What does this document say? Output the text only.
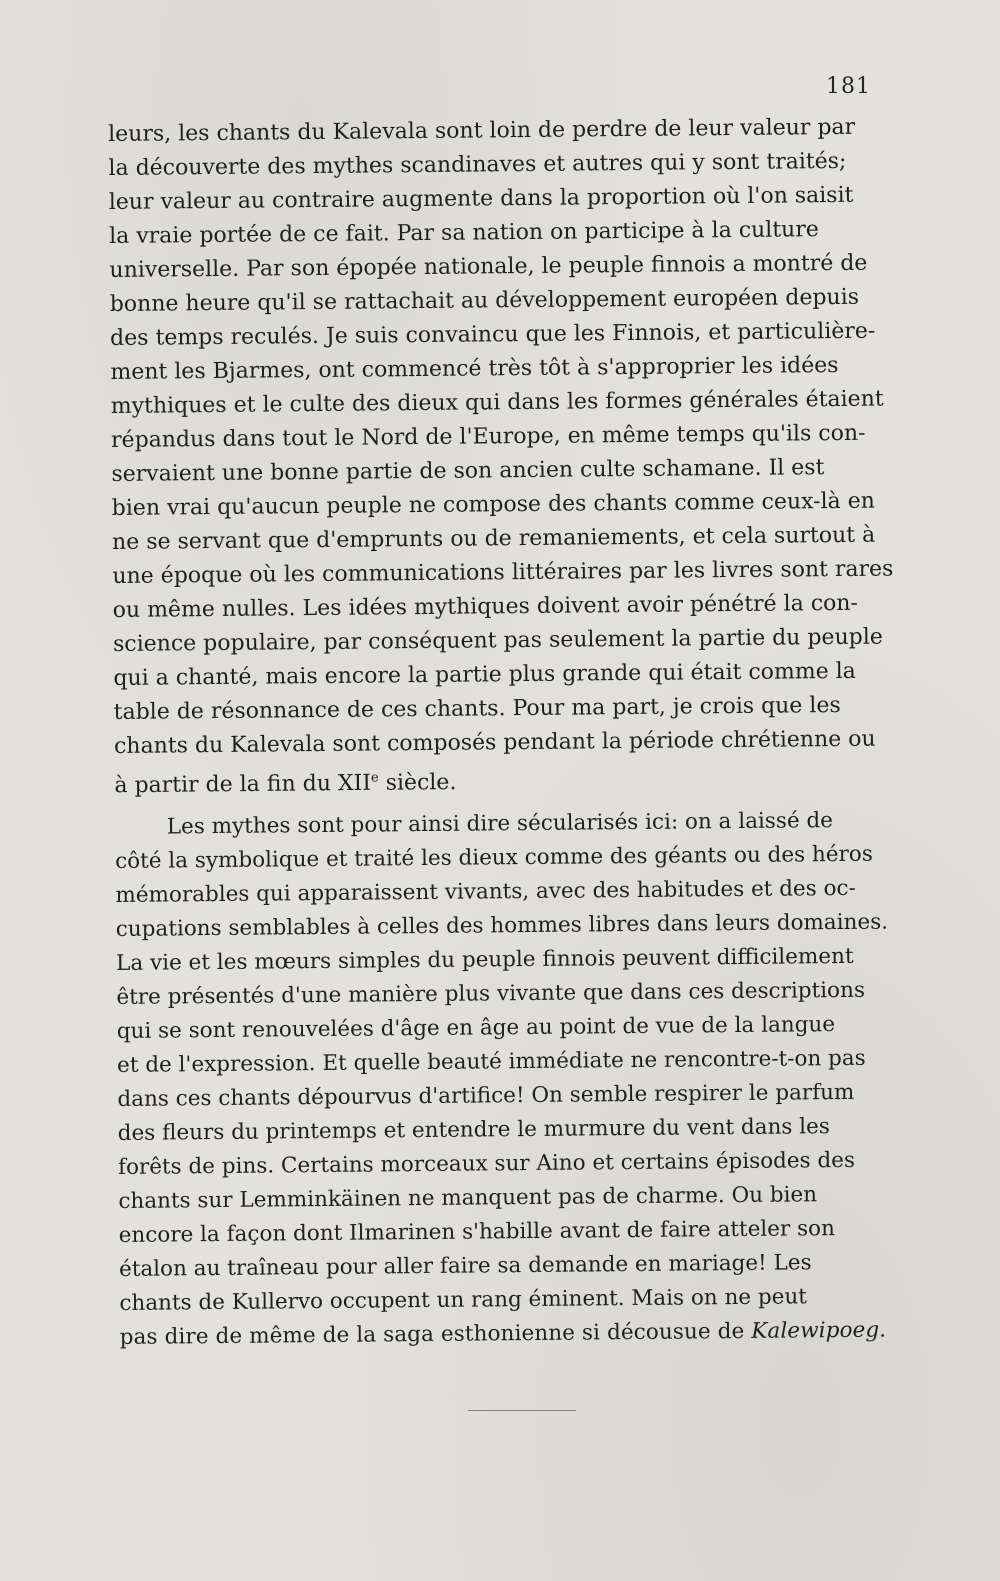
181

leurs, les chants du Kalevala sont loin de perdre de leur valeur par
la découverte des mythes scandinaves et autres qui y sont traités;
leur valeur au contraire augmente dans la proportion où l'on saisit
la vraie portée de ce fait. Par sa nation on participe à la culture
universelle. Par son épopée nationale, le peuple finnois a montré de
bonne heure qu'il se rattachait au développement européen depuis
des temps reculés. Je suis convaincu que les Finnois, et particulière-
ment les Bjarmes, ont commencé très tôt à s'approprier les idées
mythiques et le culte des dieux qui dans les formes générales étaient
répandus dans tout le Nord de l'Europe, en même temps qu'ils con-
servaient une bonne partie de son ancien culte schamane. Il est
bien vrai qu'aucun peuple ne compose des chants comme ceux-là en
ne se servant que d'emprunts ou de remaniements, et cela surtout à
une époque où les communications littéraires par les livres sont rares
ou même nulles. Les idées mythiques doivent avoir pénétré la con-
science populaire, par conséquent pas seulement la partie du peuple
qui a chanté, mais encore la partie plus grande qui était comme la
table de résonnance de ces chants. Pour ma part, je crois que les
chants du Kalevala sont composés pendant la période chrétienne ou
à partir de la fin du XIIe siècle.

Les mythes sont pour ainsi dire sécularisés ici: on a laissé de
côté la symbolique et traité les dieux comme des géants ou des héros
mémorables qui apparaissent vivants, avec des habitudes et des oc-
cupations semblables à celles des hommes libres dans leurs domaines.
La vie et les mœurs simples du peuple finnois peuvent difficilement
être présentés d'une manière plus vivante que dans ces descriptions
qui se sont renouvelées d'âge en âge au point de vue de la langue
et de l'expression. Et quelle beauté immédiate ne rencontre-t-on pas
dans ces chants dépourvus d'artifice! On semble respirer le parfum
des fleurs du printemps et entendre le murmure du vent dans les
forêts de pins. Certains morceaux sur Aino et certains épisodes des
chants sur Lemminkäinen ne manquent pas de charme. Ou bien
encore la façon dont Ilmarinen s'habille avant de faire atteler son
étalon au traîneau pour aller faire sa demande en mariage! Les
chants de Kullervo occupent un rang éminent. Mais on ne peut
pas dire de même de la saga esthonienne si décousue de Kalewipoeg.
